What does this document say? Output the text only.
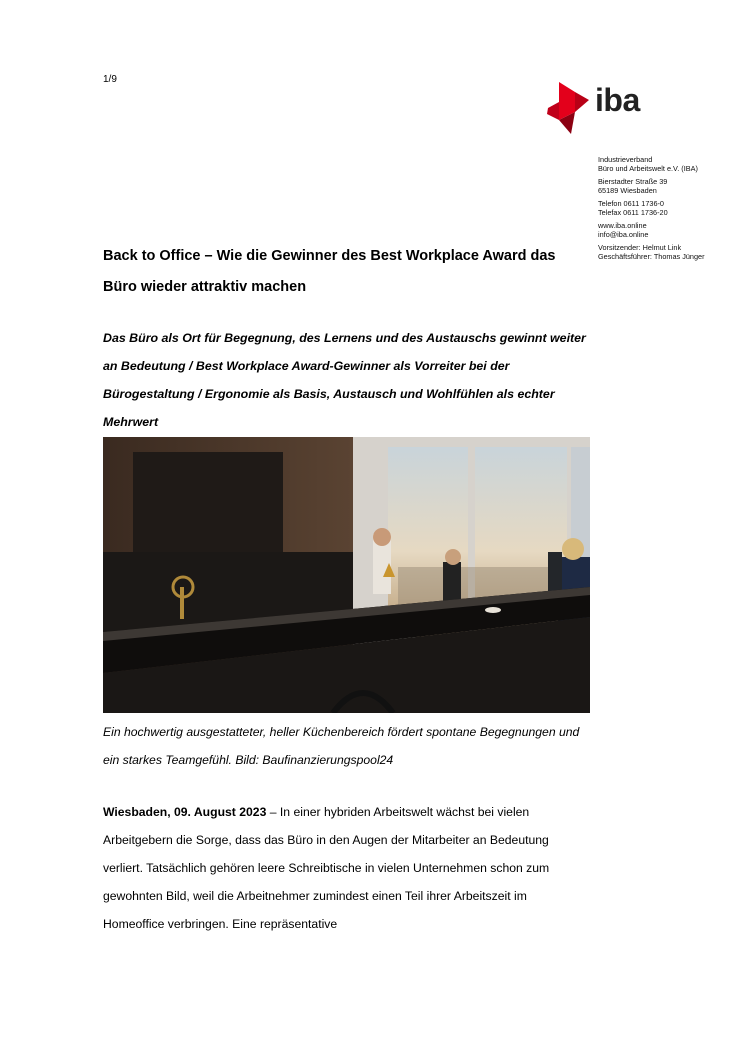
1/9
iba
Industrieverband
Büro und Arbeitswelt e.V. (IBA)
Bierstadter Straße 39
65189 Wiesbaden
Telefon 0611 1736-0
Telefax 0611 1736-20
www.iba.online
info@iba.online
Vorsitzender: Helmut Link
Geschäftsführer: Thomas Jünger
Back to Office – Wie die Gewinner des Best Workplace Award das Büro wieder attraktiv machen
Das Büro als Ort für Begegnung, des Lernens und des Austauschs gewinnt weiter an Bedeutung / Best Workplace Award-Gewinner als Vorreiter bei der Bürogestaltung / Ergonomie als Basis, Austausch und Wohlfühlen als echter Mehrwert
Ein hochwertig ausgestatteter, heller Küchenbereich fördert spontane Begegnungen und ein starkes Teamgefühl. Bild: Baufinanzierungspool24
Wiesbaden, 09. August 2023 – In einer hybriden Arbeitswelt wächst bei vielen Arbeitgebern die Sorge, dass das Büro in den Augen der Mitarbeiter an Bedeutung verliert. Tatsächlich gehören leere Schreibtische in vielen Unternehmen schon zum gewohnten Bild, weil die Arbeitnehmer zumindest einen Teil ihrer Arbeitszeit im Homeoffice verbringen. Eine repräsentative
